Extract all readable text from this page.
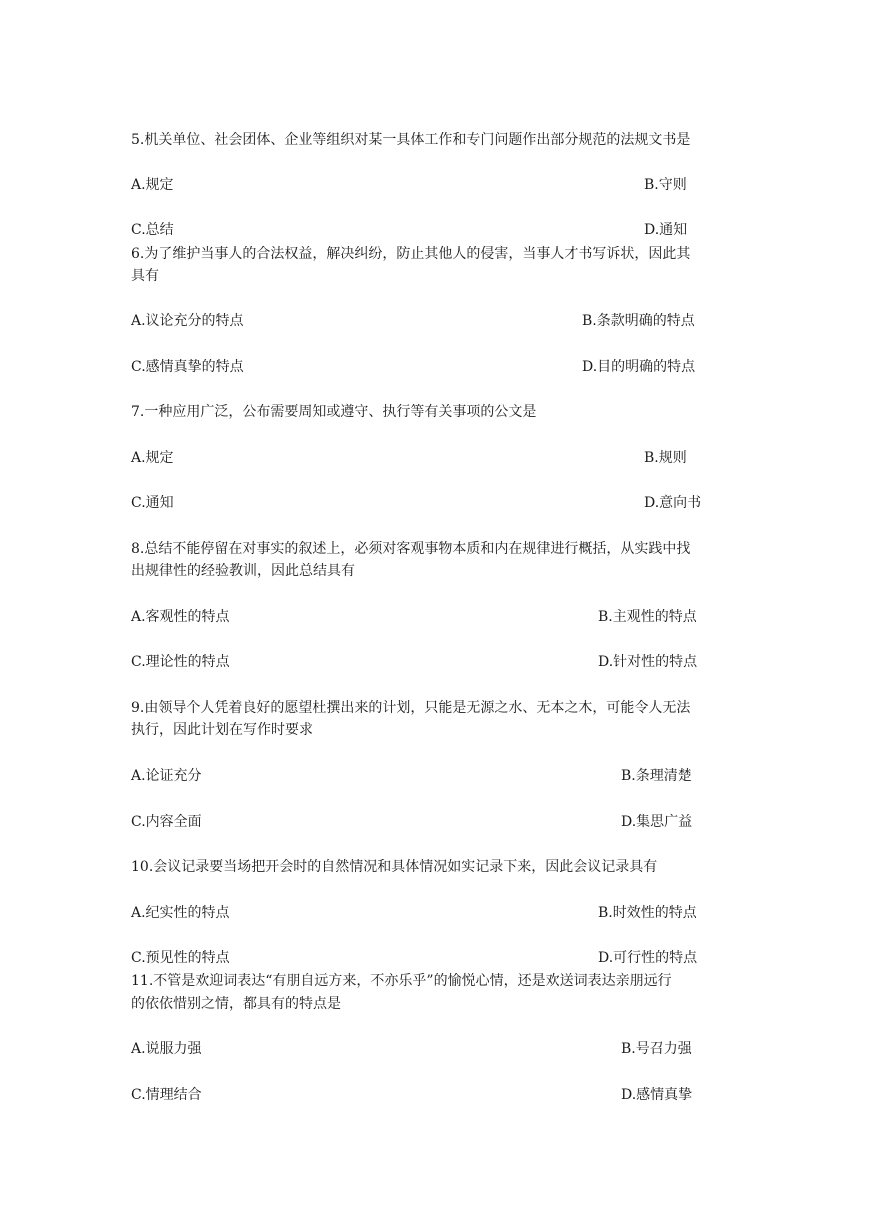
5.机关单位、社会团体、企业等组织对某一具体工作和专门问题作出部分规范的法规文书是
A.规定	B.守则
C.总结	D.通知
6.为了维护当事人的合法权益，解决纠纷，防止其他人的侵害，当事人才书写诉状，因此其
具有
A.议论充分的特点	B.条款明确的特点
C.感情真挚的特点	D.目的明确的特点
7.一种应用广泛，公布需要周知或遵守、执行等有关事项的公文是
A.规定	B.规则
C.通知	D.意向书
8.总结不能停留在对事实的叙述上，必须对客观事物本质和内在规律进行概括，从实践中找
出规律性的经验教训，因此总结具有
A.客观性的特点	B.主观性的特点
C.理论性的特点	D.针对性的特点
9.由领导个人凭着良好的愿望杜撰出来的计划，只能是无源之水、无本之木，可能令人无法
执行，因此计划在写作时要求
A.论证充分	B.条理清楚
C.内容全面	D.集思广益
10.会议记录要当场把开会时的自然情况和具体情况如实记录下来，因此会议记录具有
A.纪实性的特点	B.时效性的特点
C.预见性的特点	D.可行性的特点
11.不管是欢迎词表达“有朋自远方来，不亦乐乎”的愉悦心情，还是欢送词表达亲朋远行
的依依惜别之情，都具有的特点是
A.说服力强	B.号召力强
C.情理结合	D.感情真挚
